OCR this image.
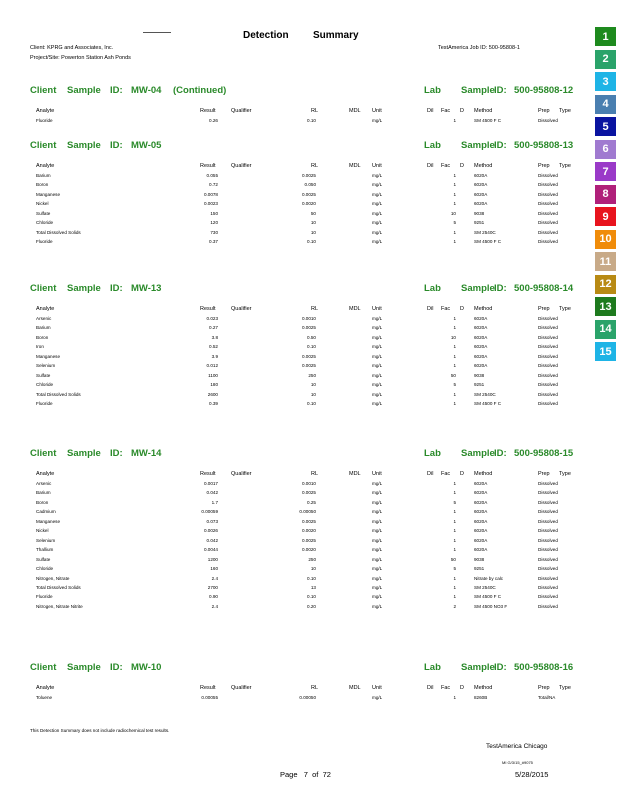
Detection Summary
Client: KPRG and Associates, Inc.
Project/Site: Powerton Station Ash Ponds
TestAmerica Job ID: 500-95808-1
Client Sample ID: MW-04 (Continued)	Lab Sample ID: 500-95808-12
Analyte	Result	Qualifier	RL	MDL Unit	Dil Fac D Method	Prep Type
Fluoride	0.26	0.10	mg/L	1	SM 4500 F C	Dissolved
Client Sample ID: MW-05	Lab Sample ID: 500-95808-13
Analyte	Result	Qualifier	RL	MDL Unit	Dil Fac D Method	Prep Type
Barium	0.055	0.0025	mg/L	1	6020A	Dissolved
Boron	0.72	0.050	mg/L	1	6020A	Dissolved
Manganese	0.0078	0.0025	mg/L	1	6020A	Dissolved
Nickel	0.0023	0.0020	mg/L	1	6020A	Dissolved
Sulfate	150	50	mg/L	10	9038	Dissolved
Chloride	120	10	mg/L	5	9251	Dissolved
Total Dissolved Solids	730	10	mg/L	1	SM 2540C	Dissolved
Fluoride	0.37	0.10	mg/L	1	SM 4500 F C	Dissolved
Client Sample ID: MW-13	Lab Sample ID: 500-95808-14
Analyte	Result	Qualifier	RL	MDL Unit	Dil Fac D Method	Prep Type
Arsenic	0.023	0.0010	mg/L	1	6020A	Dissolved
Barium	0.27	0.0025	mg/L	1	6020A	Dissolved
Boron	3.8	0.50	mg/L	10	6020A	Dissolved
Iron	0.52	0.10	mg/L	1	6020A	Dissolved
Manganese	3.9	0.0025	mg/L	1	6020A	Dissolved
Selenium	0.012	0.0025	mg/L	1	6020A	Dissolved
Sulfate	1100	250	mg/L	50	9038	Dissolved
Chloride	180	10	mg/L	5	9251	Dissolved
Total Dissolved Solids	2600	10	mg/L	1	SM 2540C	Dissolved
Fluoride	0.39	0.10	mg/L	1	SM 4500 F C	Dissolved
Client Sample ID: MW-14	Lab Sample ID: 500-95808-15
Analyte	Result	Qualifier	RL	MDL Unit	Dil Fac D Method	Prep Type
Arsenic	0.0017	0.0010	mg/L	1	6020A	Dissolved
Barium	0.042	0.0025	mg/L	1	6020A	Dissolved
Boron	1.7	0.25	mg/L	5	6020A	Dissolved
Cadmium	0.00059	0.00050	mg/L	1	6020A	Dissolved
Manganese	0.073	0.0025	mg/L	1	6020A	Dissolved
Nickel	0.0026	0.0020	mg/L	1	6020A	Dissolved
Selenium	0.042	0.0025	mg/L	1	6020A	Dissolved
Thallium	0.0044	0.0020	mg/L	1	6020A	Dissolved
Sulfate	1200	250	mg/L	50	9038	Dissolved
Chloride	160	10	mg/L	5	9251	Dissolved
Nitrogen, Nitrate	2.4	0.10	mg/L	1	Nitrate by calc	Dissolved
Total Dissolved Solids	2700	13	mg/L	1	SM 2540C	Dissolved
Fluoride	0.90	0.10	mg/L	1	SM 4500 F C	Dissolved
Nitrogen, Nitrate Nitrite	2.4	0.20	mg/L	2	SM 4500 NO3 F	Dissolved
Client Sample ID: MW-10	Lab Sample ID: 500-95808-16
Analyte	Result	Qualifier	RL	MDL Unit	Dil Fac D Method	Prep Type
Toluene	0.00055	0.00050	mg/L	1	8260B	Total/NA
This Detection Summary does not include radiochemical test results.
TestAmerica Chicago
MI G/3/15_#9075
Page 7 of 72	5/28/2015
1
2
3
4
5
6
7
8
9
10
11
12
13
14
15
